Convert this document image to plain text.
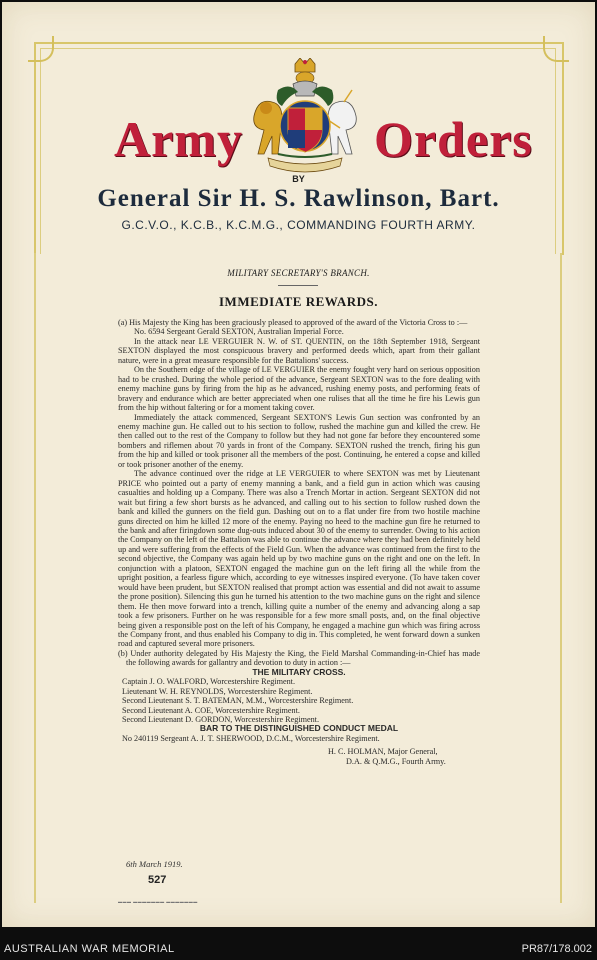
Army	Orders
BY
General Sir H. S. Rawlinson, Bart.
G.C.V.O., K.C.B., K.C.M.G., COMMANDING FOURTH ARMY.
MILITARY SECRETARY'S BRANCH.
IMMEDIATE REWARDS.

(a) His Majesty the King has been graciously pleased to approved of the award of the Victoria Cross to :—

No. 6594 Sergeant Gerald SEXTON, Australian Imperial Force.

In the attack near LE VERGUIER N. W. of ST. QUENTIN, on the 18th September 1918, Sergeant SEXTON displayed the most conspicuous bravery and performed deeds which, apart from their gallant nature, were in a great measure responsible for the Battalions' success.

On the Southern edge of the village of LE VERGUIER the enemy fought very hard on serious opposition had to be crushed. During the whole period of the advance, Sergeant SEXTON was to the fore dealing with enemy machine guns by firing from the hip as he advanced, rushing enemy posts, and performing feats of bravery and endurance which are better appreciated when one rulises that all the time he fire his Lewis gun from the hip without faltering or for a moment taking cover.

Immediately the attack commenced, Sergeant SEXTON'S Lewis Gun section was confronted by an enemy machine gun. He called out to his section to follow, rushed the machine gun and killed the crew. He then called out to the rest of the Company to follow but they had not gone far before they encountered some bombers and riflemen about 70 yards in front of the Company. SEXTON rushed the trench, firing his gun from the hip and killed or took prisoner all the members of the post. Continuing, he entered a copse and killed or took prisoner another of the enemy.

The advance continued over the ridge at LE VERGUIER to where SEXTON was met by Lieutenant PRICE who pointed out a party of enemy manning a bank, and a field gun in action which was causing casualties and holding up a Company. There was also a Trench Mortar in action. Sergeant SEXTON did not wait but firing a few short bursts as he advanced, and calling out to his section to follow rushed down the bank and killed the gunners on the field gun. Dashing out on to a flat under fire from two hostile machine guns directed on him he killed 12 more of the enemy. Paying no heed to the machine gun fire he returned to the bank and after firingdown some dug-outs induced about 30 of the enemy to surrender. Owing to his action the Company on the left of the Battalion was able to continue the advance where they had been definitely held up and were suffering from the effects of the Field Gun. When the advance was continued from the first to the second objective, the Company was again held up by two machine guns on the right and one on the left. In conjunction with a platoon, SEXTON engaged the machine gun on the left firing all the while from the upright position, a fearless figure which, according to eye witnesses inspired everyone. (To have taken cover would have been prudent, but SEXTON realised that prompt action was essential and did not await to assume the prone position). Silencing this gun he turned his attention to the two machine guns on the right and silence them. He then move forward into a trench, killing quite a number of the enemy and advancing along a sap took a few prisoners. Further on he was responsible for a few more small posts, and, on the final objective being given a responsible post on the left of his Company, he engaged a machine gun which was firing across the Company front, and thus enabled his Company to dig in. This completed, he went forward down a sunken road and captured several more prisoners.

(b) Under authority delegated by His Majesty the King, the Field Marshal Commanding-in-Chief has made the following awards for gallantry and devotion to duty in action :—

THE MILITARY CROSS.

Captain J. O. WALFORD, Worcestershire Regiment.

Lieutenant W. H. REYNOLDS, Worcestershire Regiment.

Second Lieutenant S. T. BATEMAN, M.M., Worcestershire Regiment.

Second Lieutenant A. COE, Worcestershire Regiment.

Second Lieutenant D. GORDON, Worcestershire Regiment.

BAR TO THE DISTINGUISHED CONDUCT MEDAL

No 240119 Sergeant A. J. T. SHERWOOD, D.C.M., Worcestershire Regiment.

H. C. HOLMAN, Major General,

D.A. & Q.M.G., Fourth Army.

6th March 1919.
527
▬▬▬ ▬▬▬▬▬▬▬ ▬▬▬▬▬▬▬
AUSTRALIAN WAR MEMORIAL	PR87/178.002
